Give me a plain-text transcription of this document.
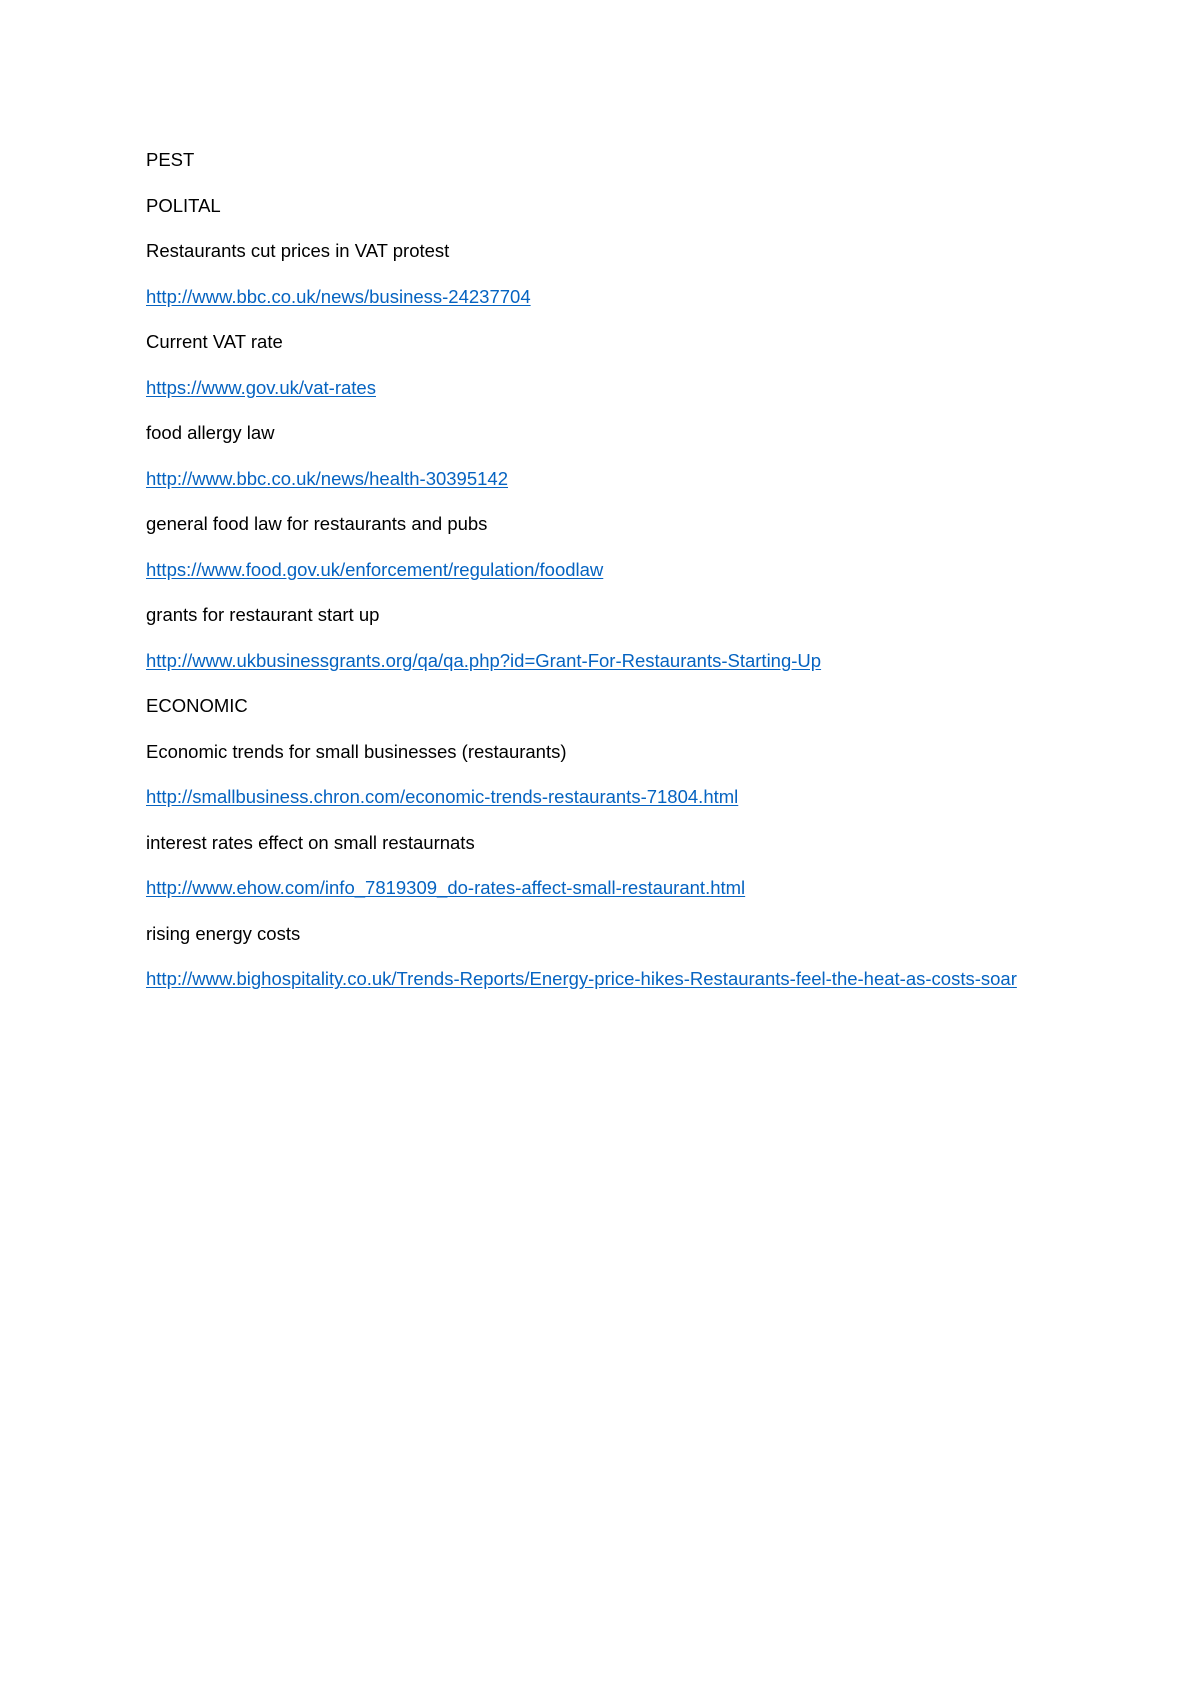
PEST

POLITAL

Restaurants cut prices in VAT protest

http://www.bbc.co.uk/news/business-24237704

Current VAT rate

https://www.gov.uk/vat-rates

food allergy law

http://www.bbc.co.uk/news/health-30395142

general food law for restaurants and pubs

https://www.food.gov.uk/enforcement/regulation/foodlaw

grants for restaurant start up

http://www.ukbusinessgrants.org/qa/qa.php?id=Grant-For-Restaurants-Starting-Up

ECONOMIC

Economic trends for small businesses (restaurants)

http://smallbusiness.chron.com/economic-trends-restaurants-71804.html

interest rates effect on small restaurnats

http://www.ehow.com/info_7819309_do-rates-affect-small-restaurant.html

rising energy costs

http://www.bighospitality.co.uk/Trends-Reports/Energy-price-hikes-Restaurants-feel-the-heat-as-costs-soar
